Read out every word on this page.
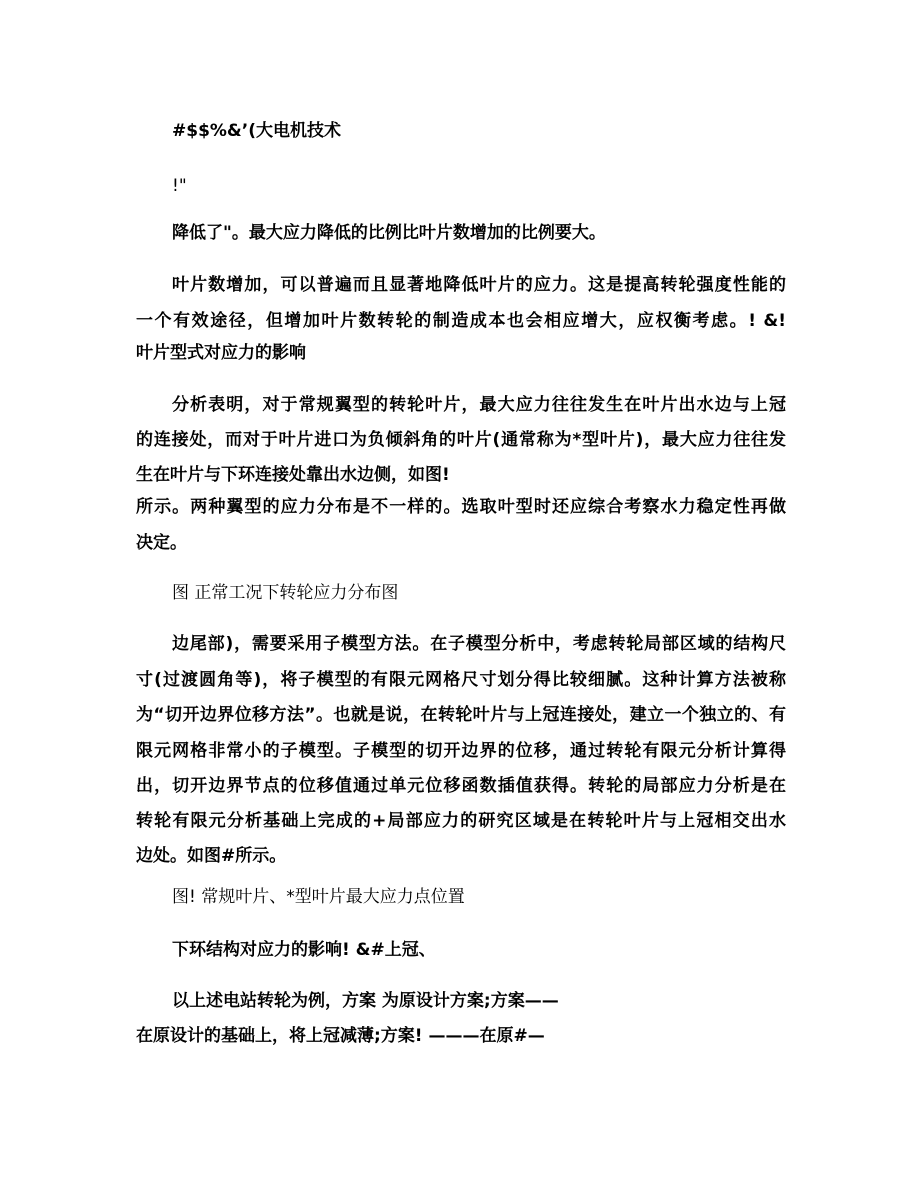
#$$%&’(大电机技术
!"
降低了"。最大应力降低的比例比叶片数增加的比例要大。
叶片数增加，可以普遍而且显著地降低叶片的应力。这是提高转轮强度性能的
一个有效途径，但增加叶片数转轮的制造成本也会相应增大，应权衡考虑。! &!
叶片型式对应力的影响
分析表明，对于常规翼型的转轮叶片，最大应力往往发生在叶片出水边与上冠
的连接处，而对于叶片进口为负倾斜角的叶片(通常称为*型叶片)，最大应力往往发
生在叶片与下环连接处靠出水边侧，如图!
所示。两种翼型的应力分布是不一样的。选取叶型时还应综合考察水力稳定性再做
决定。
图 正常工况下转轮应力分布图
边尾部)，需要采用子模型方法。在子模型分析中，考虑转轮局部区域的结构尺
寸(过渡圆角等)，将子模型的有限元网格尺寸划分得比较细腻。这种计算方法被称
为“切开边界位移方法”。也就是说，在转轮叶片与上冠连接处，建立一个独立的、有
限元网格非常小的子模型。子模型的切开边界的位移，通过转轮有限元分析计算得
出，切开边界节点的位移值通过单元位移函数插值获得。转轮的局部应力分析是在
转轮有限元分析基础上完成的+局部应力的研究区域是在转轮叶片与上冠相交出水
边处。如图#所示。
图! 常规叶片、*型叶片最大应力点位置
下环结构对应力的影响! &#上冠、
以上述电站转轮为例，方案 为原设计方案;方案——
在原设计的基础上，将上冠减薄;方案! ———在原#—
